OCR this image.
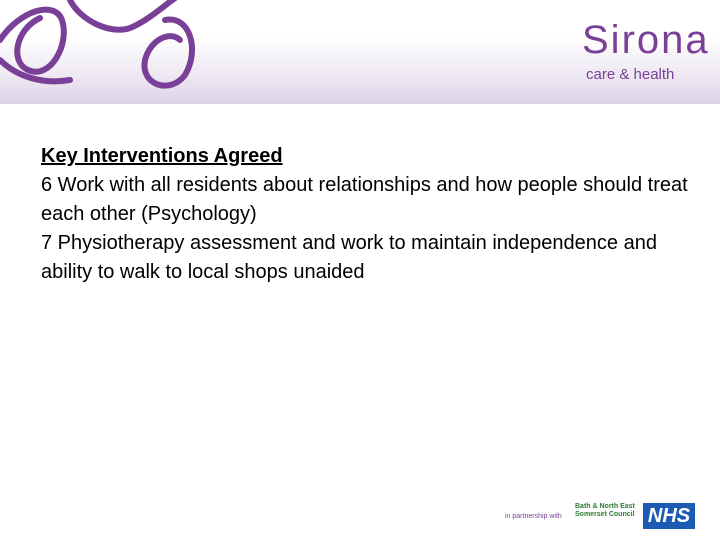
Sirona
care & health

Key Interventions Agreed

6 Work with all residents about relationships and how people should treat each other (Psychology)

7 Physiotherapy assessment and work to maintain independence and ability to walk to local shops unaided

in partnership with
Bath & North East
Somerset Council NHS
